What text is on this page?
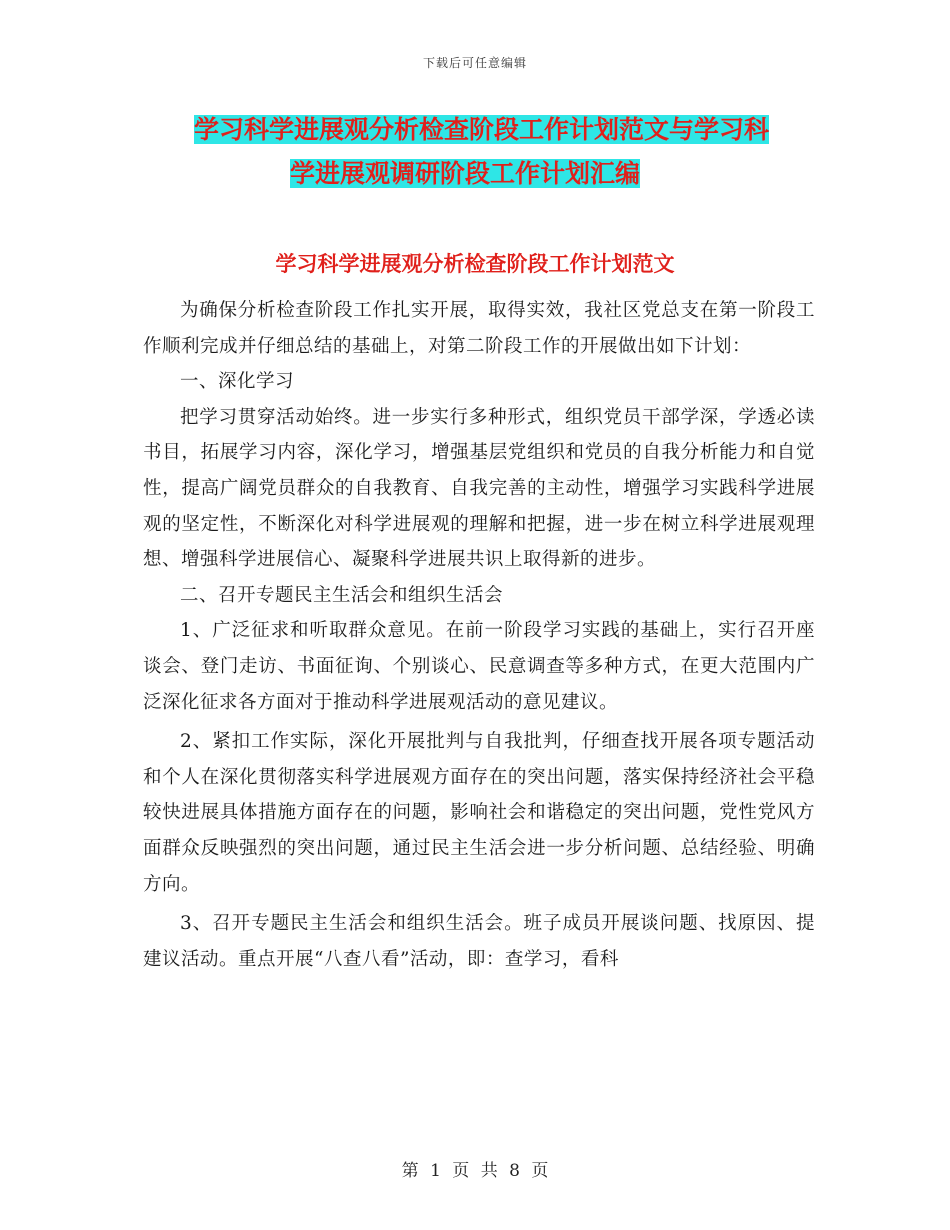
下载后可任意编辑
学习科学进展观分析检查阶段工作计划范文与学习科
学进展观调研阶段工作计划汇编
学习科学进展观分析检查阶段工作计划范文

为确保分析检查阶段工作扎实开展，取得实效，我社区党总支在第一阶段工作顺利完成并仔细总结的基础上，对第二阶段工作的开展做出如下计划：

一、深化学习

把学习贯穿活动始终。进一步实行多种形式，组织党员干部学深，学透必读书目，拓展学习内容，深化学习，增强基层党组织和党员的自我分析能力和自觉性，提高广阔党员群众的自我教育、自我完善的主动性，增强学习实践科学进展观的坚定性，不断深化对科学进展观的理解和把握，进一步在树立科学进展观理想、增强科学进展信心、凝聚科学进展共识上取得新的进步。

二、召开专题民主生活会和组织生活会

1、广泛征求和听取群众意见。在前一阶段学习实践的基础上，实行召开座谈会、登门走访、书面征询、个别谈心、民意调查等多种方式，在更大范围内广泛深化征求各方面对于推动科学进展观活动的意见建议。

2、紧扣工作实际，深化开展批判与自我批判，仔细查找开展各项专题活动和个人在深化贯彻落实科学进展观方面存在的突出问题，落实保持经济社会平稳较快进展具体措施方面存在的问题，影响社会和谐稳定的突出问题，党性党风方面群众反映强烈的突出问题，通过民主生活会进一步分析问题、总结经验、明确方向。

3、召开专题民主生活会和组织生活会。班子成员开展谈问题、找原因、提建议活动。重点开展“八查八看”活动，即：查学习，看科

第 1 页 共 8 页
